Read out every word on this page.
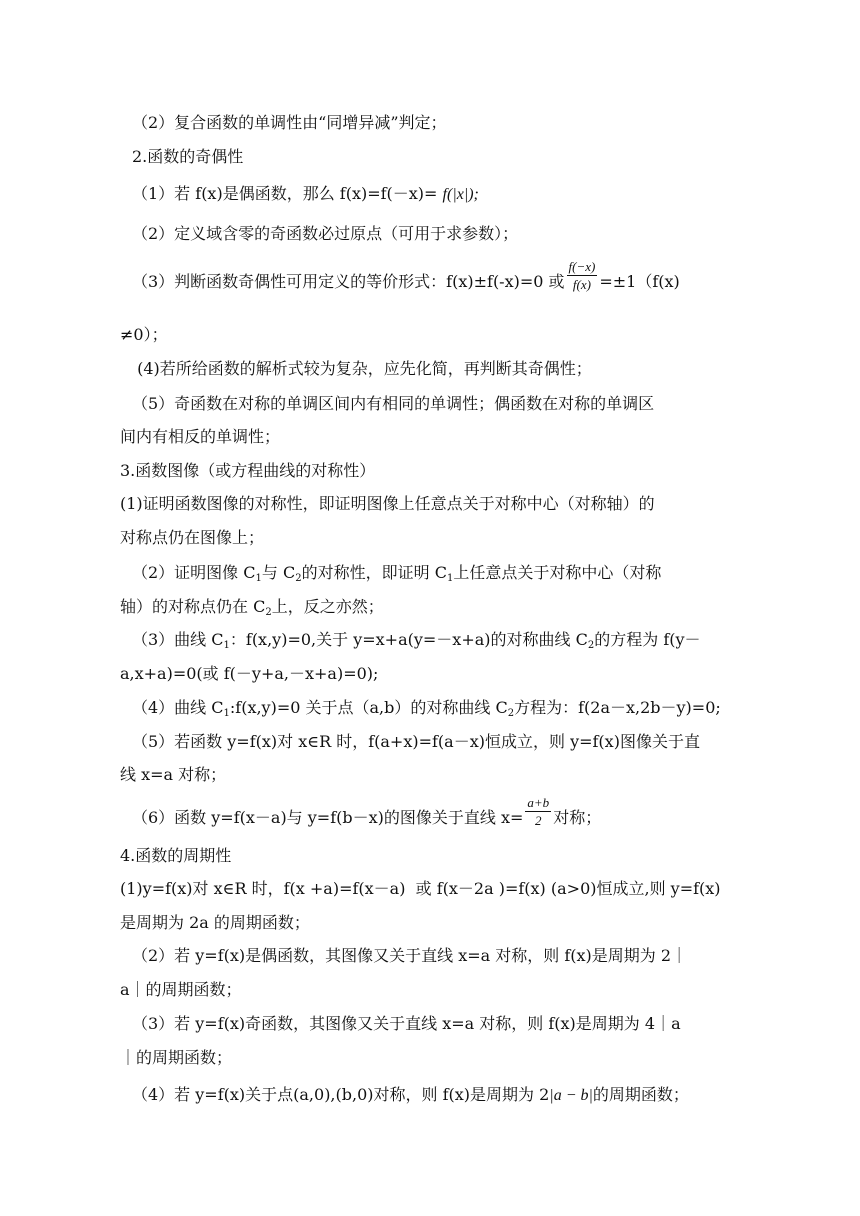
（2）复合函数的单调性由“同增异减”判定；
2.函数的奇偶性
（1）若 f(x)是偶函数，那么 f(x)=f(－x)= f(|x|);
（2）定义域含零的奇函数必过原点（可用于求参数）；
（3）判断函数奇偶性可用定义的等价形式：f(x)±f(-x)=0 或 $\frac{f(-x)}{f(x)} =\pm 1(f(x)$
≠0）；
(4)若所给函数的解析式较为复杂，应先化简，再判断其奇偶性；
（5）奇函数在对称的单调区间内有相同的单调性；偶函数在对称的单调区
间内有相反的单调性；
3.函数图像（或方程曲线的对称性）
(1)证明函数图像的对称性，即证明图像上任意点关于对称中心（对称轴）的
对称点仍在图像上；
（2）证明图像 $C_1$与 $C_2$的对称性，即证明 $C_1$上任意点关于对称中心（对称
轴）的对称点仍在 $C_2$上，反之亦然；
（3）曲线 $C_1$：f(x,y)=0,关于 y=x+a(y=－x+a)的对称曲线 $C_2$的方程为 f(y－
a,x+a)=0(或 f(－y+a,－x+a)=0);
（4）曲线 $C_1:f(x,y)=0$ 关于点（a,b）的对称曲线 $C_2$方程为：f(2a－x,2b－y)=0;
（5）若函数 y=f(x)对 x∈R 时，f(a+x)=f(a－x)恒成立，则 y=f(x)图像关于直
线 x=a 对称；
（6）函数 y=f(x－a)与 y=f(b－x)的图像关于直线 $x= \frac{a+b}{2}$ 对称；
4.函数的周期性
(1)y=f(x)对 x∈R 时，f(x +a)=f(x－a)  或 f(x－2a )=f(x) (a>0)恒成立,则 y=f(x)
是周期为 2a 的周期函数；
（2）若 y=f(x)是偶函数，其图像又关于直线 x=a 对称，则 f(x)是周期为 2｜
a｜的周期函数；
（3）若 y=f(x)奇函数，其图像又关于直线 x=a 对称，则 f(x)是周期为 4｜a
｜的周期函数；
（4）若 y=f(x)关于点(a,0),(b,0)对称，则 f(x)是周期为 2|a − b|的周期函数；
